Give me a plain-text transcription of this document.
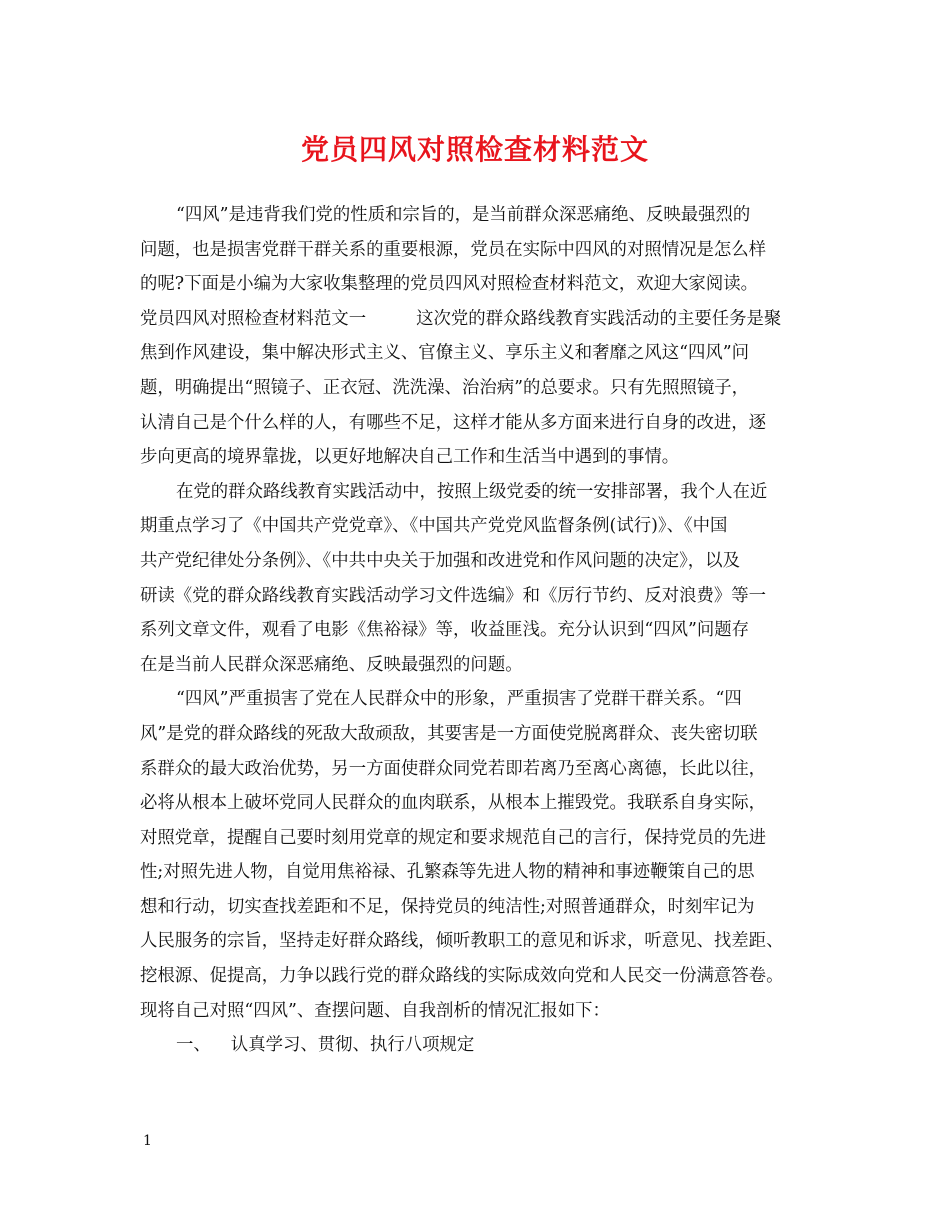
党员四风对照检查材料范文
“四风”是违背我们党的性质和宗旨的，是当前群众深恶痛绝、反映最强烈的
问题，也是损害党群干群关系的重要根源，党员在实际中四风的对照情况是怎么样
的呢?下面是小编为大家收集整理的党员四风对照检查材料范文，欢迎大家阅读。
党员四风对照检查材料范文一	这次党的群众路线教育实践活动的主要任务是聚
焦到作风建设，集中解决形式主义、官僚主义、享乐主义和奢靡之风这“四风”问
题，明确提出“照镜子、正衣冠、洗洗澡、治治病”的总要求。只有先照照镜子，
认清自己是个什么样的人，有哪些不足，这样才能从多方面来进行自身的改进，逐
步向更高的境界靠拢，以更好地解决自己工作和生活当中遇到的事情。
在党的群众路线教育实践活动中，按照上级党委的统一安排部署，我个人在近
期重点学习了《中国共产党党章》、《中国共产党党风监督条例(试行)》、《中国
共产党纪律处分条例》、《中共中央关于加强和改进党和作风问题的决定》，以及
研读《党的群众路线教育实践活动学习文件选编》和《厉行节约、反对浪费》等一
系列文章文件，观看了电影《焦裕禄》等，收益匪浅。充分认识到“四风”问题存
在是当前人民群众深恶痛绝、反映最强烈的问题。
“四风”严重损害了党在人民群众中的形象，严重损害了党群干群关系。“四
风”是党的群众路线的死敌大敌顽敌，其要害是一方面使党脱离群众、丧失密切联
系群众的最大政治优势，另一方面使群众同党若即若离乃至离心离德，长此以往，
必将从根本上破坏党同人民群众的血肉联系，从根本上摧毁党。我联系自身实际，
对照党章，提醒自己要时刻用党章的规定和要求规范自己的言行，保持党员的先进
性;对照先进人物，自觉用焦裕禄、孔繁森等先进人物的精神和事迹鞭策自己的思
想和行动，切实查找差距和不足，保持党员的纯洁性;对照普通群众，时刻牢记为
人民服务的宗旨，坚持走好群众路线，倾听教职工的意见和诉求，听意见、找差距、
挖根源、促提高，力争以践行党的群众路线的实际成效向党和人民交一份满意答卷。
现将自己对照“四风”、查摆问题、自我剖析的情况汇报如下：
一、 认真学习、贯彻、执行八项规定
1
